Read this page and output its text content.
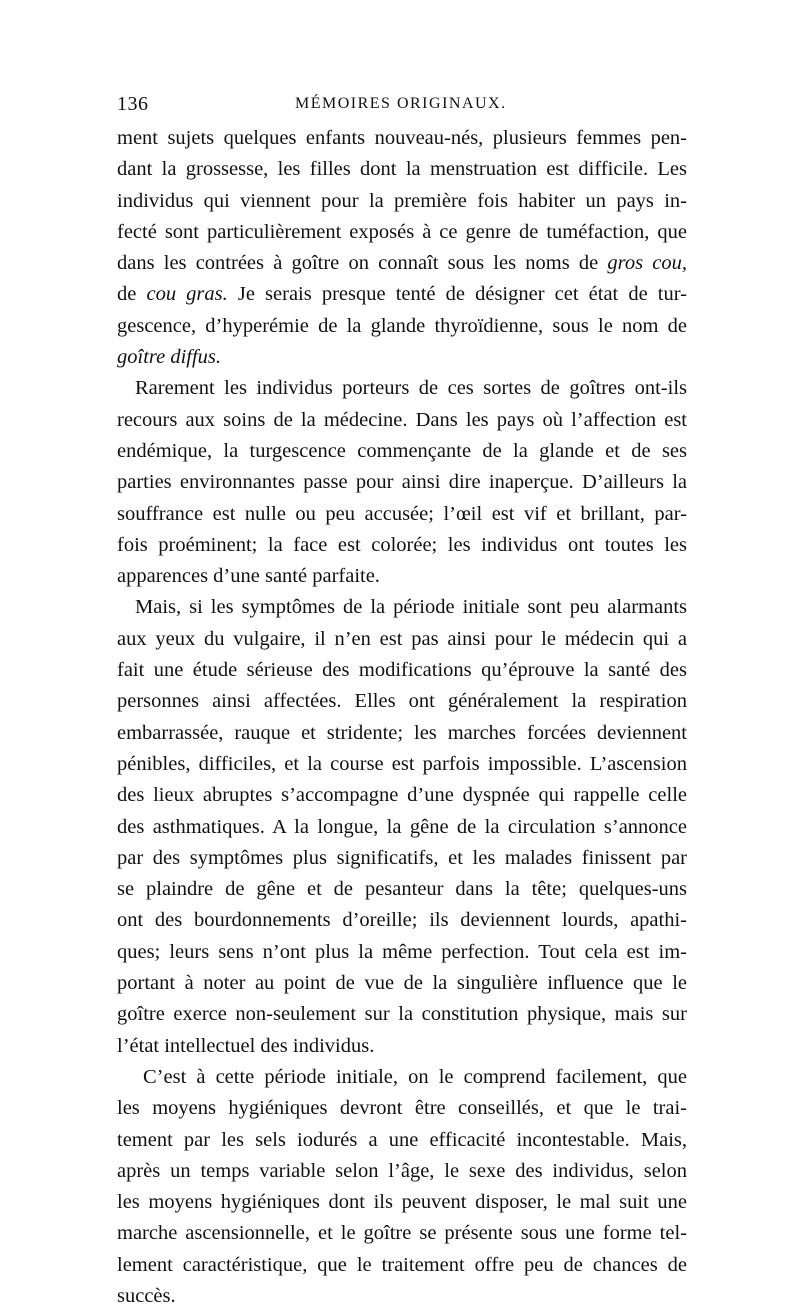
136	MÉMOIRES ORIGINAUX.
ment sujets quelques enfants nouveau-nés, plusieurs femmes pen-
dant la grossesse, les filles dont la menstruation est difficile. Les
individus qui viennent pour la première fois habiter un pays in-
fecté sont particulièrement exposés à ce genre de tuméfaction, que
dans les contrées à goître on connaît sous les noms de gros cou,
de cou gras. Je serais presque tenté de désigner cet état de tur-
gescence, d’hyperémie de la glande thyroïdienne, sous le nom de
goître diffus.
Rarement les individus porteurs de ces sortes de goîtres ont-ils
recours aux soins de la médecine. Dans les pays où l’affection est
endémique, la turgescence commençante de la glande et de ses
parties environnantes passe pour ainsi dire inaperçue. D’ailleurs la
souffrance est nulle ou peu accusée; l’œil est vif et brillant, par-
fois proéminent; la face est colorée; les individus ont toutes les
apparences d’une santé parfaite.
Mais, si les symptômes de la période initiale sont peu alarmants
aux yeux du vulgaire, il n’en est pas ainsi pour le médecin qui a
fait une étude sérieuse des modifications qu’éprouve la santé des
personnes ainsi affectées. Elles ont généralement la respiration
embarrassée, rauque et stridente; les marches forcées deviennent
pénibles, difficiles, et la course est parfois impossible. L’ascension
des lieux abruptes s’accompagne d’une dyspnée qui rappelle celle
des asthmatiques. A la longue, la gêne de la circulation s’annonce
par des symptômes plus significatifs, et les malades finissent par
se plaindre de gêne et de pesanteur dans la tête; quelques-uns
ont des bourdonnements d’oreille; ils deviennent lourds, apathi-
ques; leurs sens n’ont plus la même perfection. Tout cela est im-
portant à noter au point de vue de la singulière influence que le
goître exerce non-seulement sur la constitution physique, mais sur
l’état intellectuel des individus.
C’est à cette période initiale, on le comprend facilement, que
les moyens hygiéniques devront être conseillés, et que le trai-
tement par les sels iodurés a une efficacité incontestable. Mais,
après un temps variable selon l’âge, le sexe des individus, selon
les moyens hygiéniques dont ils peuvent disposer, le mal suit une
marche ascensionnelle, et le goître se présente sous une forme tel-
lement caractéristique, que le traitement offre peu de chances de
succès.
